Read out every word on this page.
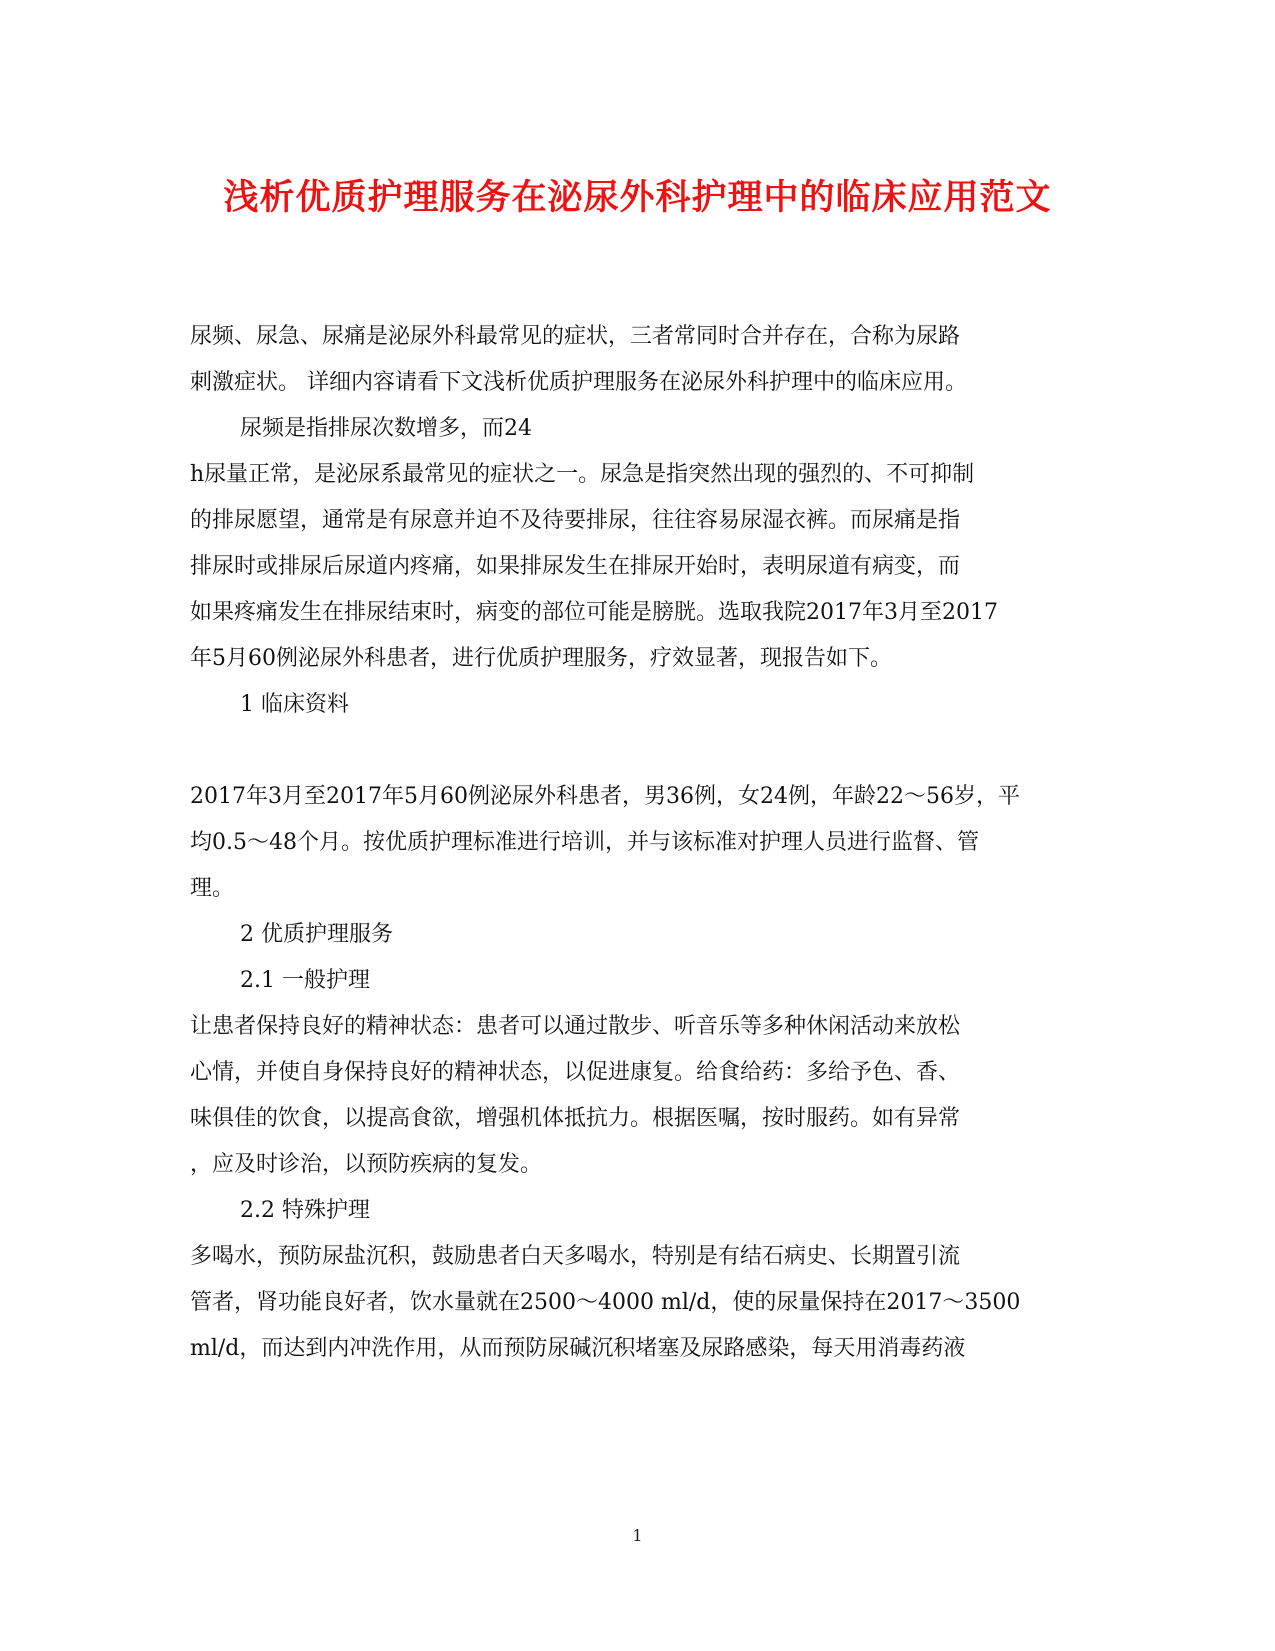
浅析优质护理服务在泌尿外科护理中的临床应用范文
尿频、尿急、尿痛是泌尿外科最常见的症状，三者常同时合并存在，合称为尿路
刺激症状。 详细内容请看下文浅析优质护理服务在泌尿外科护理中的临床应用。
尿频是指排尿次数增多，而24
h尿量正常，是泌尿系最常见的症状之一。尿急是指突然出现的强烈的、不可抑制
的排尿愿望，通常是有尿意并迫不及待要排尿，往往容易尿湿衣裤。而尿痛是指
排尿时或排尿后尿道内疼痛，如果排尿发生在排尿开始时，表明尿道有病变，而
如果疼痛发生在排尿结束时，病变的部位可能是膀胱。选取我院2017年3月至2017
年5月60例泌尿外科患者，进行优质护理服务，疗效显著，现报告如下。
1 临床资料
2017年3月至2017年5月60例泌尿外科患者，男36例，女24例，年龄22～56岁，平
均0.5～48个月。按优质护理标准进行培训，并与该标准对护理人员进行监督、管
理。
2 优质护理服务
2.1 一般护理
让患者保持良好的精神状态：患者可以通过散步、听音乐等多种休闲活动来放松
心情，并使自身保持良好的精神状态，以促进康复。给食给药：多给予色、香、
味俱佳的饮食，以提高食欲，增强机体抵抗力。根据医嘱，按时服药。如有异常
，应及时诊治，以预防疾病的复发。
2.2 特殊护理
多喝水，预防尿盐沉积，鼓励患者白天多喝水，特别是有结石病史、长期置引流
管者，肾功能良好者，饮水量就在2500～4000 ml/d，使的尿量保持在2017～3500
ml/d，而达到内冲洗作用，从而预防尿碱沉积堵塞及尿路感染，每天用消毒药液
1
